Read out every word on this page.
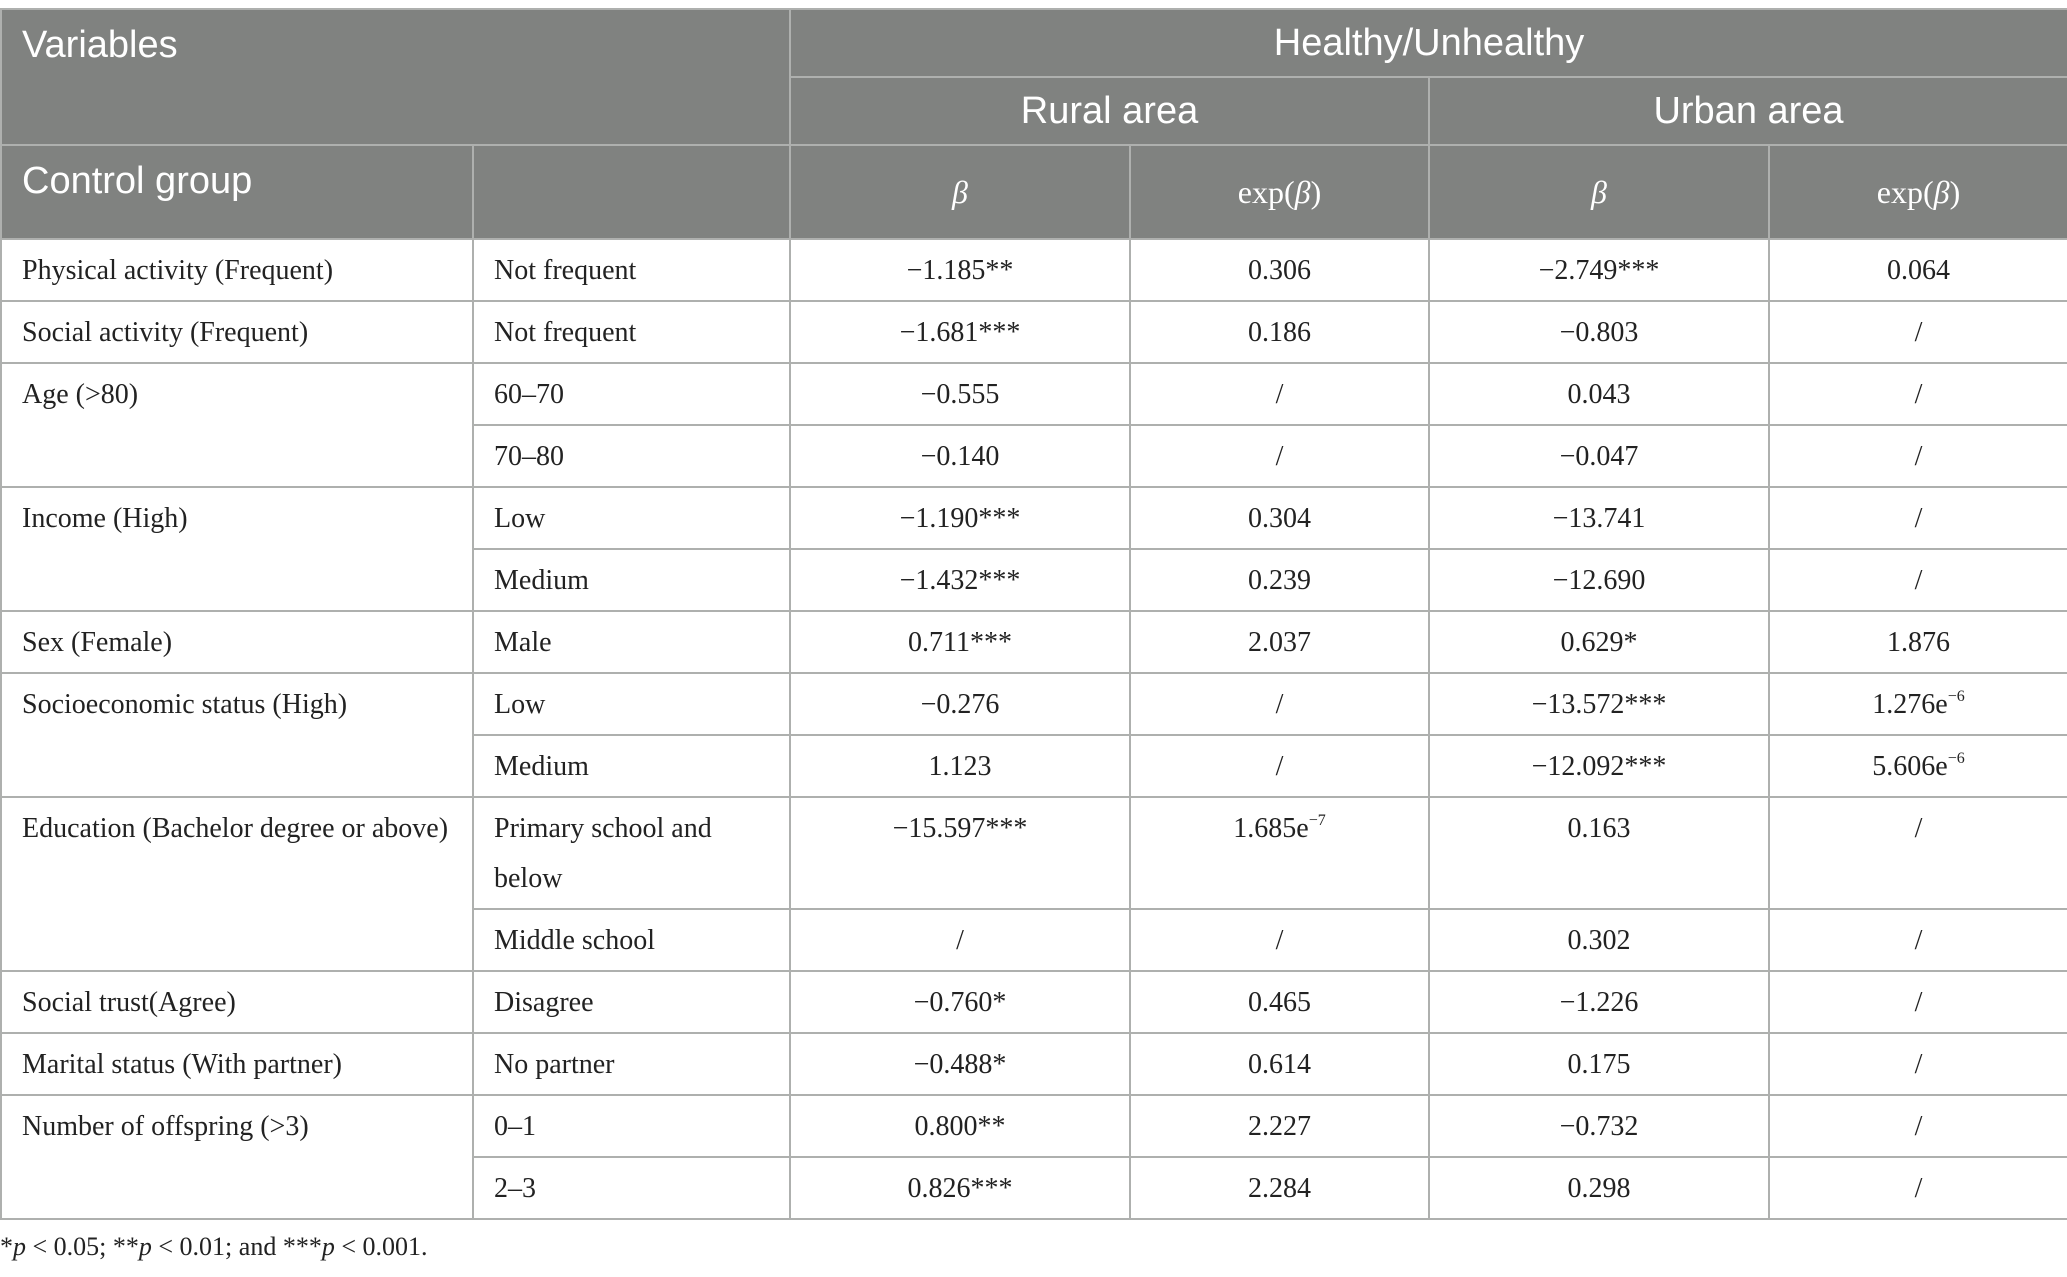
Variables		Healthy/Unhealthy			
		Rural area		Urban area	
Control group		β	exp(β)	β	exp(β)
Physical activity (Frequent)	Not frequent	−1.185**	0.306	−2.749***	0.064
Social activity (Frequent)	Not frequent	−1.681***	0.186	−0.803	/
Age (>80)	60–70	−0.555	/	0.043	/
	70–80	−0.140	/	−0.047	/
Income (High)	Low	−1.190***	0.304	−13.741	/
	Medium	−1.432***	0.239	−12.690	/
Sex (Female)	Male	0.711***	2.037	0.629*	1.876
Socioeconomic status (High)	Low	−0.276	/	−13.572***	$1.276e^{-6}$
	Medium	1.123	/	−12.092***	$5.606e^{-6}$
Education (Bachelor degree or above)	Primary school and below	−15.597***	$1.685e^{-7}$	0.163	/
	Middle school	/	/	0.302	/
Social trust(Agree)	Disagree	−0.760*	0.465	−1.226	/
Marital status (With partner)	No partner	−0.488*	0.614	0.175	/
Number of offspring (>3)	0–1	0.800**	2.227	−0.732	/
	2–3	0.826***	2.284	0.298	/
*p < 0.05; **p < 0.01; and ***p < 0.001.
